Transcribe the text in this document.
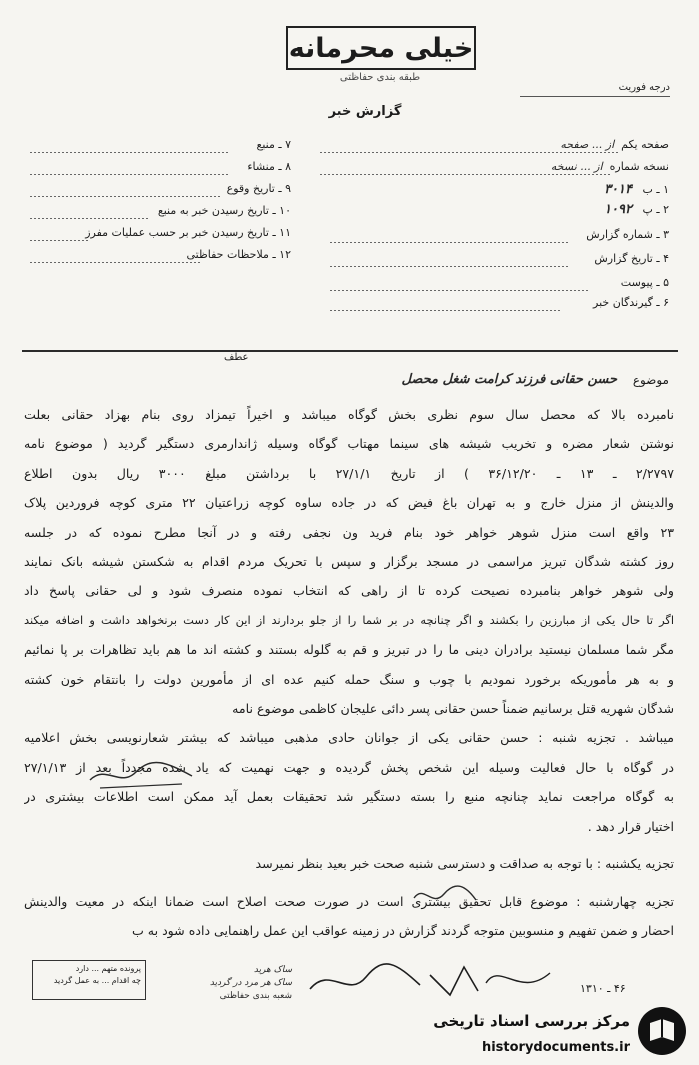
خیلی محرمانه
طبقه بندی حفاظتی
درجه فوریت
گزارش خبر
صفحه یکم  از ... صفحه
نسخه شماره  از ... نسخه
۱ ـ ب   ۳۰۱۴
۲ ـ پ   ۱۰۹۲
۳ ـ شماره گزارش
۴ ـ تاریخ گزارش
۵ ـ پیوست
۶ ـ گیرندگان خبر
۷ ـ منبع
۸ ـ منشاء
۹ ـ تاریخ وقوع
۱۰ ـ تاریخ رسیدن خبر به منبع
۱۱ ـ تاریخ رسیدن خبر بر حسب عملیات مفرز
۱۲ ـ ملاحظات حفاظتی
عطف
موضوع
حسن حقانی فرزند کرامت شغل محصل
نامبرده بالا که محصل سال سوم نظری بخش گوگاه میباشد و اخیراً تیمزاد روی بنام بهزاد حقانی بعلت
نوشتن شعار مضره و تخریب شیشه های سینما مهتاب گوگاه وسیله ژاندارمری دستگیر گردید ( موضوع نامه
۲/۲۷۹۷ ـ ۱۳ ـ ۳۶/۱۲/۲۰ ) از تاریخ ۲۷/۱/۱ با برداشتن مبلغ ۳۰۰۰ ریال بدون اطلاع
والدینش از منزل خارج و به تهران باغ فیض که در جاده ساوه کوچه زراعتیان ۲۲ متری کوچه فروردین پلاک
۲۳ واقع است منزل شوهر خواهر خود بنام فرید ون نجفی رفته و در آنجا مطرح نموده که در جلسه
روز کشته شدگان تبریز مراسمی در مسجد برگزار و سپس با تحریک مردم اقدام به شکستن شیشه بانک نمایند
ولی شوهر خواهر بنامبرده نصیحت کرده تا از راهی که انتخاب نموده منصرف شود و لی حقانی پاسخ داد
اگر تا حال یکی از مبارزین را بکشند و اگر چنانچه در بر شما را از جلو بردارند از این کار دست برنخواهد داشت و اضافه میکند
مگر شما مسلمان نیستید برادران دینی ما را در تبریز و قم به گلوله بستند و کشته اند ما هم باید تظاهرات بر پا نمائیم
و به هر مأموریکه برخورد نمودیم با چوب و سنگ حمله کنیم عده ای از مأمورین دولت را بانتقام خون کشته
شدگان شهریه قتل برسانیم ضمناً حسن حقانی پسر دائی علیجان کاظمی موضوع نامه
میباشد . تجزیه شنبه : حسن حقانی یکی از جوانان حادی مذهبی میباشد که بیشتر شعارنویسی بخش اعلامیه
در گوگاه با حال فعالیت وسیله این شخص پخش گردیده و جهت نهمیت که یاد شده مجدداً بعد از ۲۷/۱/۱۳
به گوگاه مراجعت نماید چنانچه منبع را بسته دستگیر شد تحقیقات بعمل آید ممکن است اطلاعات بیشتری در
اختیار قرار دهد .
تجزیه یکشنبه : با توجه به صداقت و دسترسی شنبه صحت خبر بعید بنظر نمیرسد
تجزیه چهارشنبه : موضوع قابل تحقیق بیشتری است در صورت صحت اصلاح است ضمانا اینکه در معیت والدینش
احضار و ضمن تفهیم و منسوبین متوجه گردند گزارش در زمینه عواقب این عمل راهنمایی داده شود به ب
پرونده متهم ... دارد
چه اقدام ... به عمل گردید
ساک هرید
ساک هر مرد در گردید
شعبه بندی حفاظتی
۴۶ ـ ۱۳۱۰
مرکز بررسی اسناد تاریخی
historydocuments.ir
